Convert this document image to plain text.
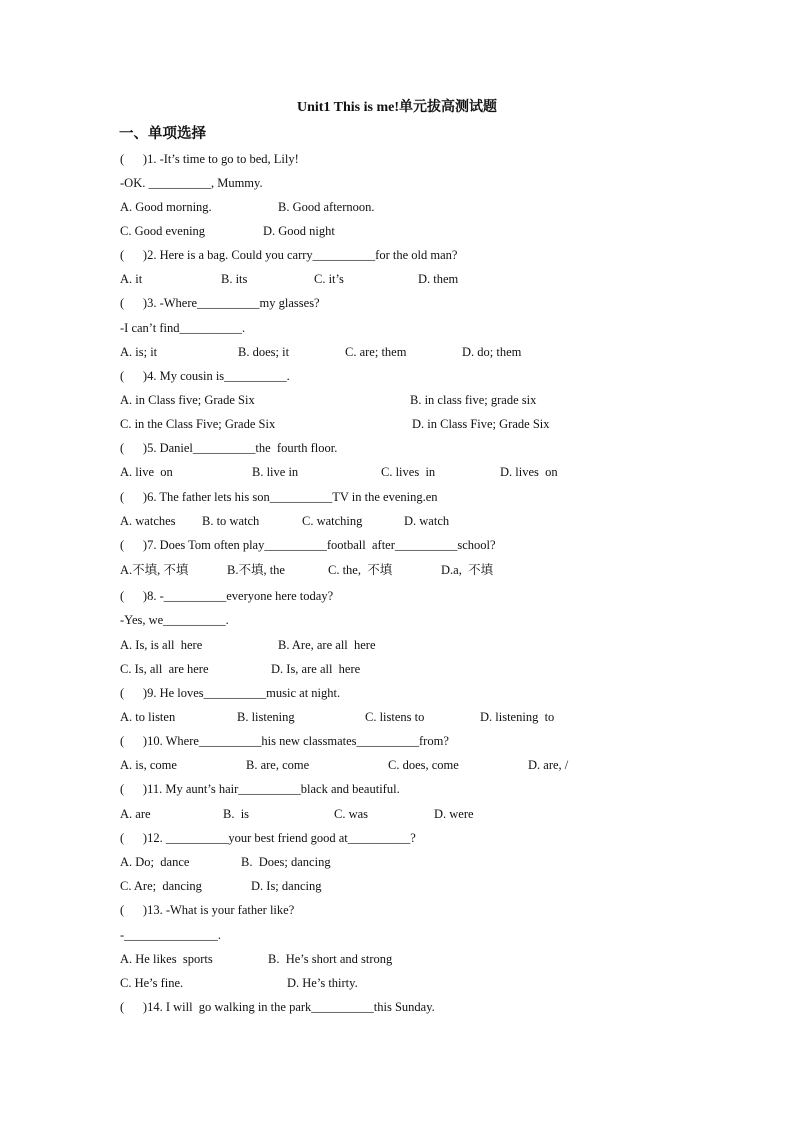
Unit1 This is me!单元拔高测试题
一、单项选择
(      )1. -It’s time to go to bed, Lily!
-OK. __________, Mummy.
(      )2. Here is a bag. Could you carry__________for the old man?
(      )3. -Where__________my glasses?
-I can’t find__________.
(      )4. My cousin is__________.
(      )5. Daniel__________the  fourth floor.
(      )6. The father lets his son__________TV in the evening.en
(      )7. Does Tom often play__________football  after__________school?
(      )8. -__________everyone here today?
-Yes, we__________.
(      )9. He loves__________music at night.
(      )10. Where__________his new classmates__________from?
(      )11. My aunt’s hair__________black and beautiful.
(      )12. __________your best friend good at__________?
(      )13. -What is your father like?
-_______________.
(      )14. I will  go walking in the park__________this Sunday.
A. Good morning.	B. Good afternoon.
C. Good evening	D. Good night
A. it	B. its	C. it’s	D. them
A. is; it	B. does; it	C. are; them	D. do; them
A. in Class five; Grade Six	B. in class five; grade six
C. in the Class Five; Grade Six	D. in Class Five; Grade Six
A. live  on	B. live in	C. lives  in	D. lives  on
A. watches B. to watch	C. watching	D. watch
A.不填, 不填	B.不填, the	C. the,  不填	D.a,  不填
A. Is, is all  here	B. Are, are all  here
C. Is, all  are here	D. Is, are all  here
A. to listen	B. listening	C. listens to	D. listening  to
A. is, come	B. are, come	C. does, come	D. are, /
A. are	B.  is	C. was	D. were
A. Do;  dance	B.  Does; dancing
C. Are;  dancing	D. Is; dancing
A. He likes  sports	B.  He’s short and strong
C. He’s fine.	D. He’s thirty.
